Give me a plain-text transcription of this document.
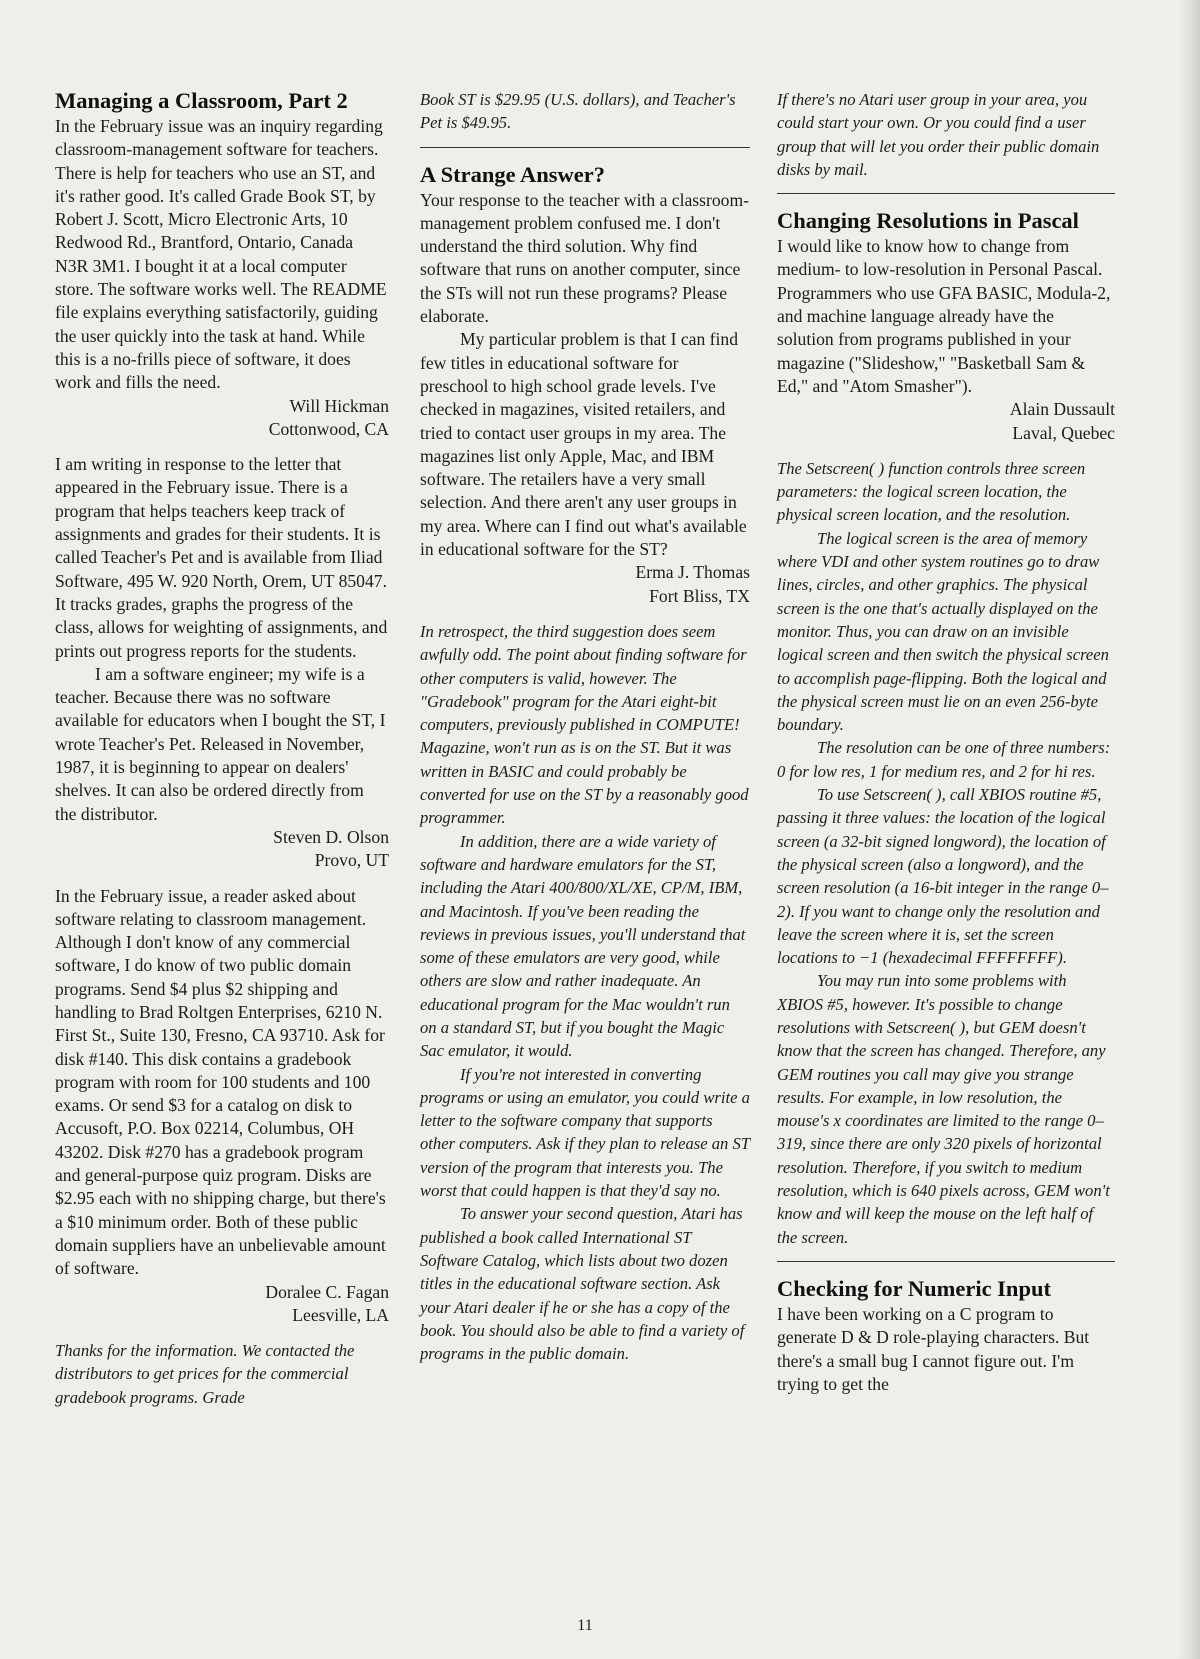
Managing a Classroom, Part 2

In the February issue was an inquiry regarding classroom-management software for teachers. There is help for teachers who use an ST, and it's rather good. It's called Grade Book ST, by Robert J. Scott, Micro Electronic Arts, 10 Redwood Rd., Brantford, Ontario, Canada N3R 3M1. I bought it at a local computer store. The software works well. The README file explains everything satisfactorily, guiding the user quickly into the task at hand. While this is a no-frills piece of software, it does work and fills the need.

Will Hickman

Cottonwood, CA

I am writing in response to the letter that appeared in the February issue. There is a program that helps teachers keep track of assignments and grades for their students. It is called Teacher's Pet and is available from Iliad Software, 495 W. 920 North, Orem, UT 85047. It tracks grades, graphs the progress of the class, allows for weighting of assignments, and prints out progress reports for the students.

I am a software engineer; my wife is a teacher. Because there was no software available for educators when I bought the ST, I wrote Teacher's Pet. Released in November, 1987, it is beginning to appear on dealers' shelves. It can also be ordered directly from the distributor.

Steven D. Olson

Provo, UT

In the February issue, a reader asked about software relating to classroom management. Although I don't know of any commercial software, I do know of two public domain programs. Send $4 plus $2 shipping and handling to Brad Roltgen Enterprises, 6210 N. First St., Suite 130, Fresno, CA 93710. Ask for disk #140. This disk contains a gradebook program with room for 100 students and 100 exams. Or send $3 for a catalog on disk to Accusoft, P.O. Box 02214, Columbus, OH 43202. Disk #270 has a gradebook program and general-purpose quiz program. Disks are $2.95 each with no shipping charge, but there's a $10 minimum order. Both of these public domain suppliers have an unbelievable amount of software.

Doralee C. Fagan

Leesville, LA

Thanks for the information. We contacted the distributors to get prices for the commercial gradebook programs. Grade

Book ST is $29.95 (U.S. dollars), and Teacher's Pet is $49.95.

A Strange Answer?

Your response to the teacher with a classroom-management problem confused me. I don't understand the third solution. Why find software that runs on another computer, since the STs will not run these programs? Please elaborate.

My particular problem is that I can find few titles in educational software for preschool to high school grade levels. I've checked in magazines, visited retailers, and tried to contact user groups in my area. The magazines list only Apple, Mac, and IBM software. The retailers have a very small selection. And there aren't any user groups in my area. Where can I find out what's available in educational software for the ST?

Erma J. Thomas

Fort Bliss, TX

In retrospect, the third suggestion does seem awfully odd. The point about finding software for other computers is valid, however. The "Gradebook" program for the Atari eight-bit computers, previously published in COMPUTE! Magazine, won't run as is on the ST. But it was written in BASIC and could probably be converted for use on the ST by a reasonably good programmer.

In addition, there are a wide variety of software and hardware emulators for the ST, including the Atari 400/800/XL/XE, CP/M, IBM, and Macintosh. If you've been reading the reviews in previous issues, you'll understand that some of these emulators are very good, while others are slow and rather inadequate. An educational program for the Mac wouldn't run on a standard ST, but if you bought the Magic Sac emulator, it would.

If you're not interested in converting programs or using an emulator, you could write a letter to the software company that supports other computers. Ask if they plan to release an ST version of the program that interests you. The worst that could happen is that they'd say no.

To answer your second question, Atari has published a book called International ST Software Catalog, which lists about two dozen titles in the educational software section. Ask your Atari dealer if he or she has a copy of the book. You should also be able to find a variety of programs in the public domain.

If there's no Atari user group in your area, you could start your own. Or you could find a user group that will let you order their public domain disks by mail.

Changing Resolutions in Pascal

I would like to know how to change from medium- to low-resolution in Personal Pascal. Programmers who use GFA BASIC, Modula-2, and machine language already have the solution from programs published in your magazine ("Slideshow," "Basketball Sam & Ed," and "Atom Smasher").

Alain Dussault

Laval, Quebec

The Setscreen( ) function controls three screen parameters: the logical screen location, the physical screen location, and the resolution.

The logical screen is the area of memory where VDI and other system routines go to draw lines, circles, and other graphics. The physical screen is the one that's actually displayed on the monitor. Thus, you can draw on an invisible logical screen and then switch the physical screen to accomplish page-flipping. Both the logical and the physical screen must lie on an even 256-byte boundary.

The resolution can be one of three numbers: 0 for low res, 1 for medium res, and 2 for hi res.

To use Setscreen( ), call XBIOS routine #5, passing it three values: the location of the logical screen (a 32-bit signed longword), the location of the physical screen (also a longword), and the screen resolution (a 16-bit integer in the range 0–2). If you want to change only the resolution and leave the screen where it is, set the screen locations to −1 (hexadecimal FFFFFFFF).

You may run into some problems with XBIOS #5, however. It's possible to change resolutions with Setscreen( ), but GEM doesn't know that the screen has changed. Therefore, any GEM routines you call may give you strange results. For example, in low resolution, the mouse's x coordinates are limited to the range 0–319, since there are only 320 pixels of horizontal resolution. Therefore, if you switch to medium resolution, which is 640 pixels across, GEM won't know and will keep the mouse on the left half of the screen.

Checking for Numeric Input

I have been working on a C program to generate D & D role-playing characters. But there's a small bug I cannot figure out. I'm trying to get the

11
